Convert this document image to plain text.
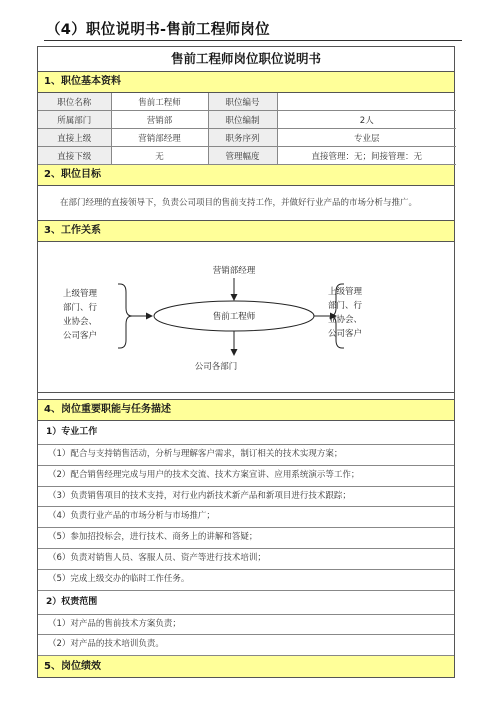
（4）职位说明书-售前工程师岗位
售前工程师岗位职位说明书
1、职位基本资料
职位名称	售前工程师	职位编号	
所属部门	营销部	职位编制	2人
直接上级	营销部经理	职务序列	专业层
直接下级	无	管理幅度	直接管理：无；间接管理：无
2、职位目标
在部门经理的直接领导下，负责公司项目的售前支持工作，并做好行业产品的市场分析与推广。
3、工作关系
营销部经理
售前工程师
公司各部门
上级管理
部门、行
业协会、
公司客户
上级管理
部门、行
业协会、
公司客户
4、岗位重要职能与任务描述
1）专业工作
（1）配合与支持销售活动，分析与理解客户需求，制订相关的技术实现方案；
（2）配合销售经理完成与用户的技术交流、技术方案宣讲、应用系统演示等工作；
（3）负责销售项目的技术支持，对行业内新技术新产品和新项目进行技术跟踪；
（4）负责行业产品的市场分析与市场推广；
（5）参加招投标会，进行技术、商务上的讲解和答疑；
（6）负责对销售人员、客服人员、资产等进行技术培训；
（5）完成上级交办的临时工作任务。
2）权责范围
（1）对产品的售前技术方案负责；
（2）对产品的技术培训负责。
5、岗位绩效
